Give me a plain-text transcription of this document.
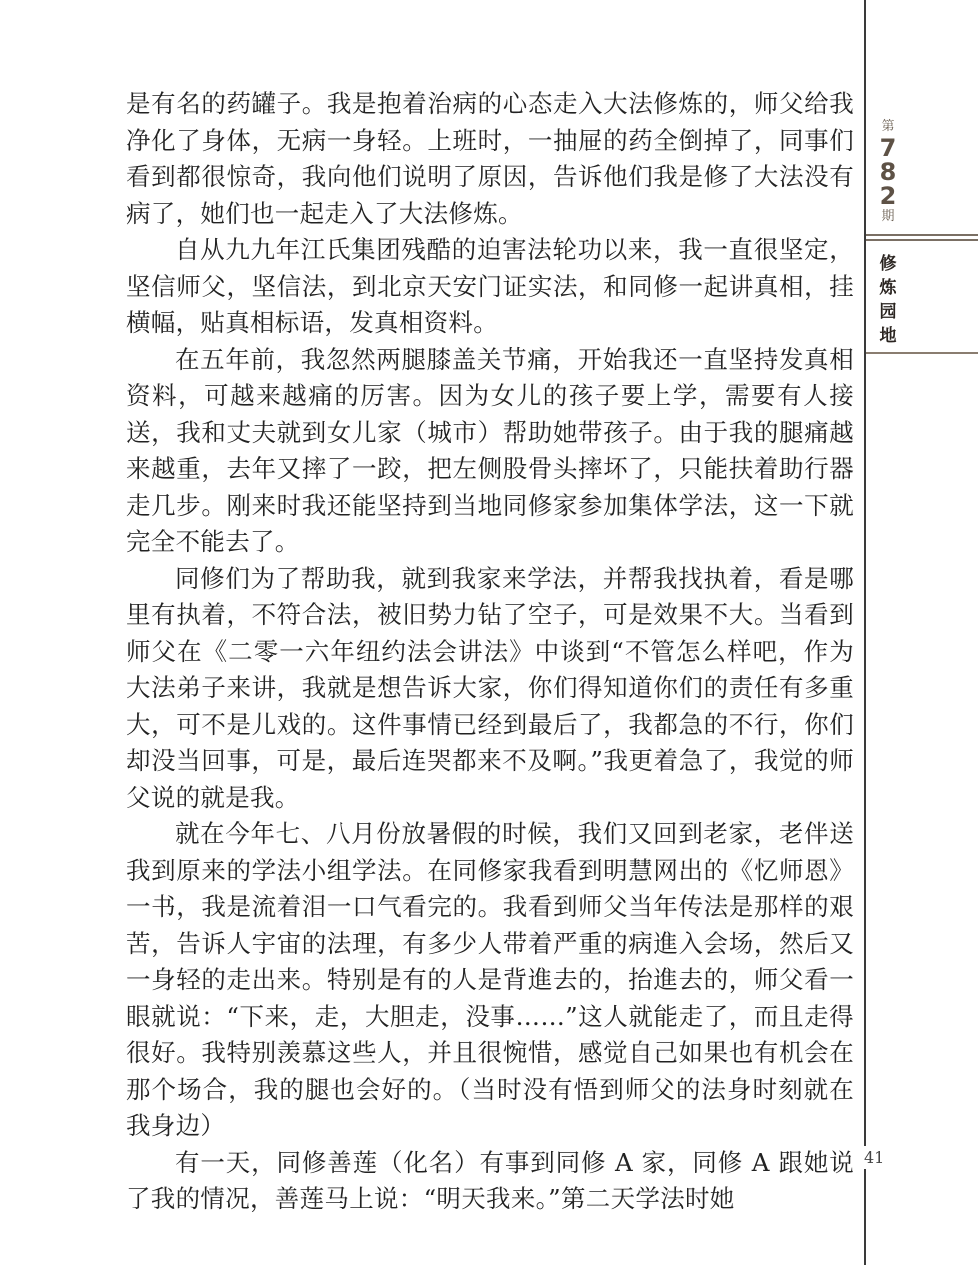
第
7
8
2
期
修
炼
园
地

是有名的药罐子。我是抱着治病的心态走入大法修炼的，师父给我净化了身体，无病一身轻。上班时，一抽屉的药全倒掉了，同事们看到都很惊奇，我向他们说明了原因，告诉他们我是修了大法没有病了，她们也一起走入了大法修炼。

自从九九年江氏集团残酷的迫害法轮功以来，我一直很坚定，坚信师父，坚信法，到北京天安门证实法，和同修一起讲真相，挂横幅，贴真相标语，发真相资料。

在五年前，我忽然两腿膝盖关节痛，开始我还一直坚持发真相资料，可越来越痛的厉害。因为女儿的孩子要上学，需要有人接送，我和丈夫就到女儿家（城市）帮助她带孩子。由于我的腿痛越来越重，去年又摔了一跤，把左侧股骨头摔坏了，只能扶着助行器走几步。刚来时我还能坚持到当地同修家参加集体学法，这一下就完全不能去了。

同修们为了帮助我，就到我家来学法，并帮我找执着，看是哪里有执着，不符合法，被旧势力钻了空子，可是效果不大。当看到师父在《二零一六年纽约法会讲法》中谈到“不管怎么样吧，作为大法弟子来讲，我就是想告诉大家，你们得知道你们的责任有多重大，可不是儿戏的。这件事情已经到最后了，我都急的不行，你们却没当回事，可是，最后连哭都来不及啊。”我更着急了，我觉的师父说的就是我。

就在今年七、八月份放暑假的时候，我们又回到老家，老伴送我到原来的学法小组学法。在同修家我看到明慧网出的《忆师恩》一书，我是流着泪一口气看完的。我看到师父当年传法是那样的艰苦，告诉人宇宙的法理，有多少人带着严重的病進入会场，然后又一身轻的走出来。特别是有的人是背進去的，抬進去的，师父看一眼就说：“下来，走，大胆走，没事……”这人就能走了，而且走得很好。我特别羡慕这些人，并且很惋惜，感觉自己如果也有机会在那个场合，我的腿也会好的。（当时没有悟到师父的法身时刻就在我身边）

有一天，同修善莲（化名）有事到同修 A 家，同修 A 跟她说了我的情况，善莲马上说：“明天我来。”第二天学法时她

41
